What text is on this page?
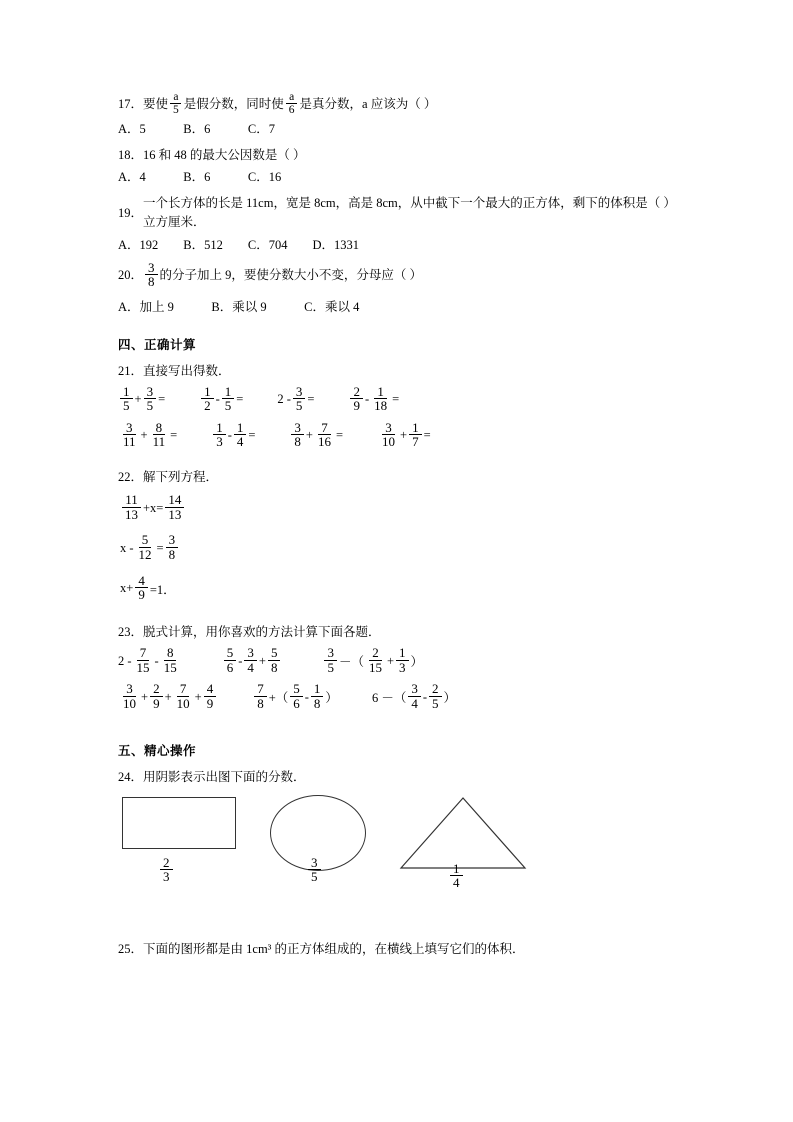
17． 要使 $\frac{a}{5}$ 是假分数，同时使 $\frac{a}{6}$ 是真分数，a 应该为（ ）
A．5　　　B．6　　　C．7
18． 16 和 48 的最大公因数是（ ）
A．4　　　B．6　　　C．16
19．
一个长方体的长是 11cm，宽是 8cm，高是 8cm，从中截下一个最大的正方体，剩下的体积是（ ）立方厘米．
A．192　　B．512　　C．704　　D．1331
20． $\frac{3}{8}$ 的分子加上 9，要使分数大小不变，分母应（ ）
A．加上 9　　　B．乘以 9　　　C．乘以 4
四、正确计算
21．直接写出得数．
$\frac{1}{5} + \frac{3}{5}$ =	$\frac{1}{2} - \frac{1}{5}$ =	$2 - \frac{3}{5}$ =	$\frac{2}{9} - \frac{1}{18}$ =
$\frac{3}{11} + \frac{8}{11}$ =	$\frac{1}{3} - \frac{1}{4}$ =	$\frac{3}{8} + \frac{7}{16}$ =	$\frac{3}{10} + \frac{1}{7}$ =
22．解下列方程．
$\frac{11}{13} +x= \frac{14}{13}$
$x - \frac{5}{12} = \frac{3}{8}$
$x+ \frac{4}{9} =1$．
23．脱式计算，用你喜欢的方法计算下面各题．
$2 - \frac{7}{15} - \frac{8}{15}$	$\frac{5}{6} - \frac{3}{4} + \frac{5}{8}$	$\frac{3}{5}$ －（ $\frac{2}{15} + \frac{1}{3}$ ）
$\frac{3}{10} + \frac{2}{9} + \frac{7}{10} + \frac{4}{9}$	$\frac{7}{8}$ +（ $\frac{5}{6} - \frac{1}{8}$ ）	6 －（ $\frac{3}{4} - \frac{2}{5}$ ）
五、精心操作
24．用阴影表示出图下面的分数．
$\frac{2}{3}$	$\frac{3}{5}$	$\frac{1}{4}$
25．下面的图形都是由 1cm³ 的正方体组成的，在横线上填写它们的体积．
